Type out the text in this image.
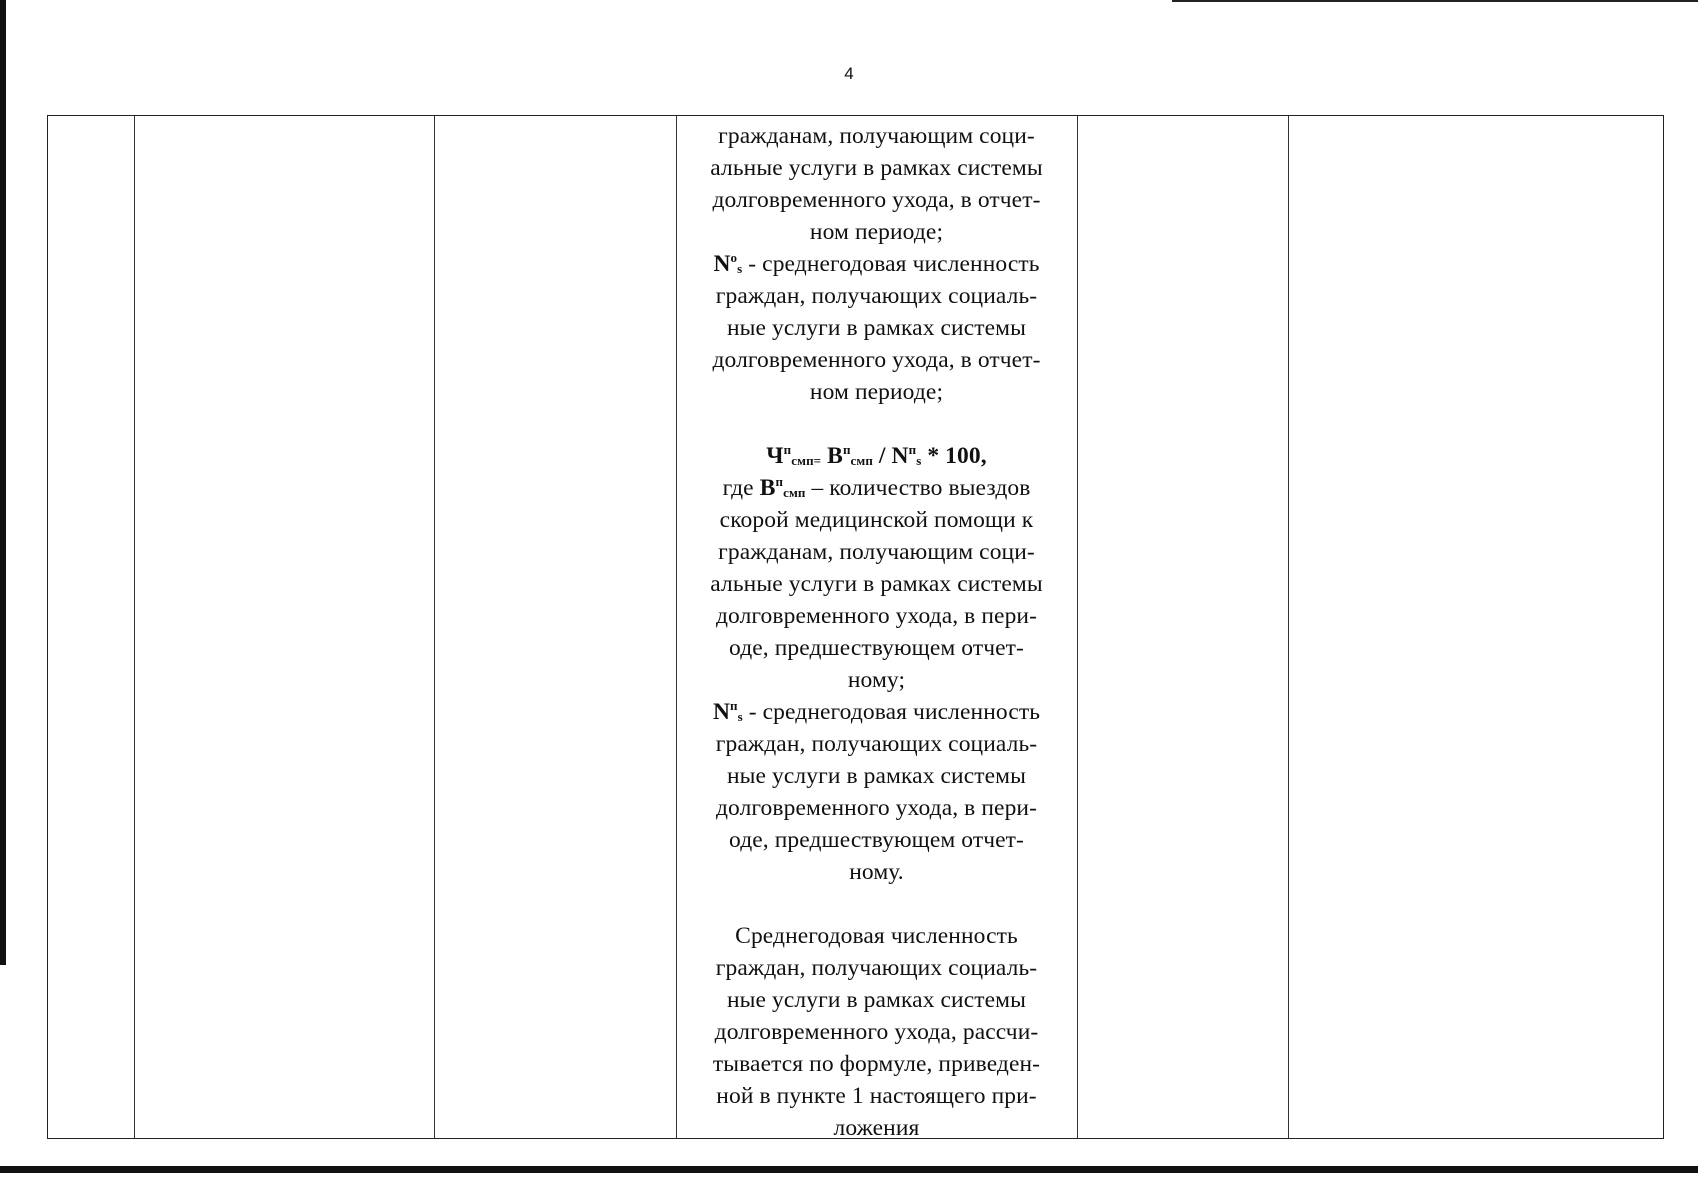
4

гражданам, получающим соци-

альные услуги в рамках системы

долговременного ухода, в отчет-

ном периоде;

$N^o_s$ - среднегодовая численность

граждан, получающих социаль-

ные услуги в рамках системы

долговременного ухода, в отчет-

ном периоде;

$Ч^п_{смп=}$ $В^п_{смп} / N^п_s * 100$,

где $В^п_{смп}$ – количество выездов

скорой медицинской помощи к

гражданам, получающим соци-

альные услуги в рамках системы

долговременного ухода, в пери-

оде, предшествующем отчет-

ному;

$N^п_s$ - среднегодовая численность

граждан, получающих социаль-

ные услуги в рамках системы

долговременного ухода, в пери-

оде, предшествующем отчет-

ному.

Среднегодовая численность

граждан, получающих социаль-

ные услуги в рамках системы

долговременного ухода, рассчи-

тывается по формуле, приведен-

ной в пункте 1 настоящего при-

ложения
